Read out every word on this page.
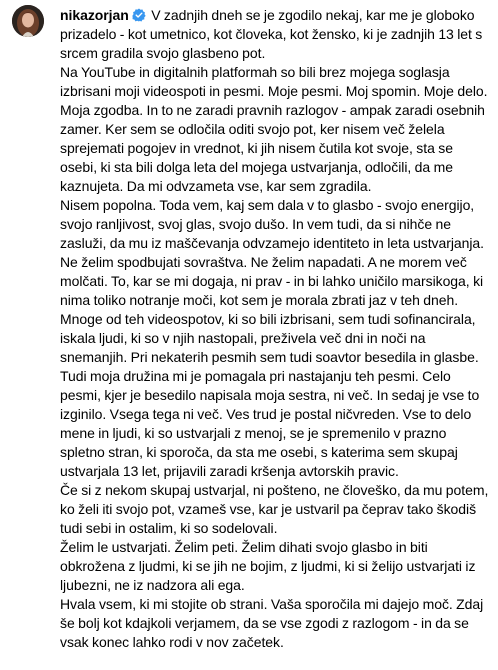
nikazorjan V zadnjih dneh se je zgodilo nekaj, kar me je globoko prizadelo - kot umetnico, kot človeka, kot žensko, ki je zadnjih 13 let s srcem gradila svojo glasbeno pot.

Na YouTube in digitalnih platformah so bili brez mojega soglasja izbrisani moji videospoti in pesmi. Moje pesmi. Moj spomin. Moje delo. Moja zgodba. In to ne zaradi pravnih razlogov - ampak zaradi osebnih zamer. Ker sem se odločila oditi svojo pot, ker nisem več želela sprejemati pogojev in vrednot, ki jih nisem čutila kot svoje, sta se osebi, ki sta bili dolga leta del mojega ustvarjanja, odločili, da me kaznujeta. Da mi odvzameta vse, kar sem zgradila.

Nisem popolna. Toda vem, kaj sem dala v to glasbo - svojo energijo, svojo ranljivost, svoj glas, svojo dušo. In vem tudi, da si nihče ne zasluži, da mu iz maščevanja odvzamejo identiteto in leta ustvarjanja.

Ne želim spodbujati sovraštva. Ne želim napadati. A ne morem več molčati. To, kar se mi dogaja, ni prav - in bi lahko uničilo marsikoga, ki nima toliko notranje moči, kot sem je morala zbrati jaz v teh dneh. Mnoge od teh videospotov, ki so bili izbrisani, sem tudi sofinancirala, iskala ljudi, ki so v njih nastopali, preživela več dni in noči na snemanjih. Pri nekaterih pesmih sem tudi soavtor besedila in glasbe. Tudi moja družina mi je pomagala pri nastajanju teh pesmi. Celo pesmi, kjer je besedilo napisala moja sestra, ni več. In sedaj je vse to izginilo. Vsega tega ni več. Ves trud je postal ničvreden. Vse to delo mene in ljudi, ki so ustvarjali z menoj, se je spremenilo v prazno spletno stran, ki sporoča, da sta me osebi, s katerima sem skupaj ustvarjala 13 let, prijavili zaradi kršenja avtorskih pravic.

Če si z nekom skupaj ustvarjal, ni pošteno, ne človeško, da mu potem, ko želi iti svojo pot, vzameš vse, kar je ustvaril pa čeprav tako škodiš tudi sebi in ostalim, ki so sodelovali.

Želim le ustvarjati. Želim peti. Želim dihati svojo glasbo in biti obkrožena z ljudmi, ki se jih ne bojim, z ljudmi, ki si želijo ustvarjati iz ljubezni, ne iz nadzora ali ega.

Hvala vsem, ki mi stojite ob strani. Vaša sporočila mi dajejo moč. Zdaj še bolj kot kdajkoli verjamem, da se vse zgodi z razlogom - in da se vsak konec lahko rodi v nov začetek.
